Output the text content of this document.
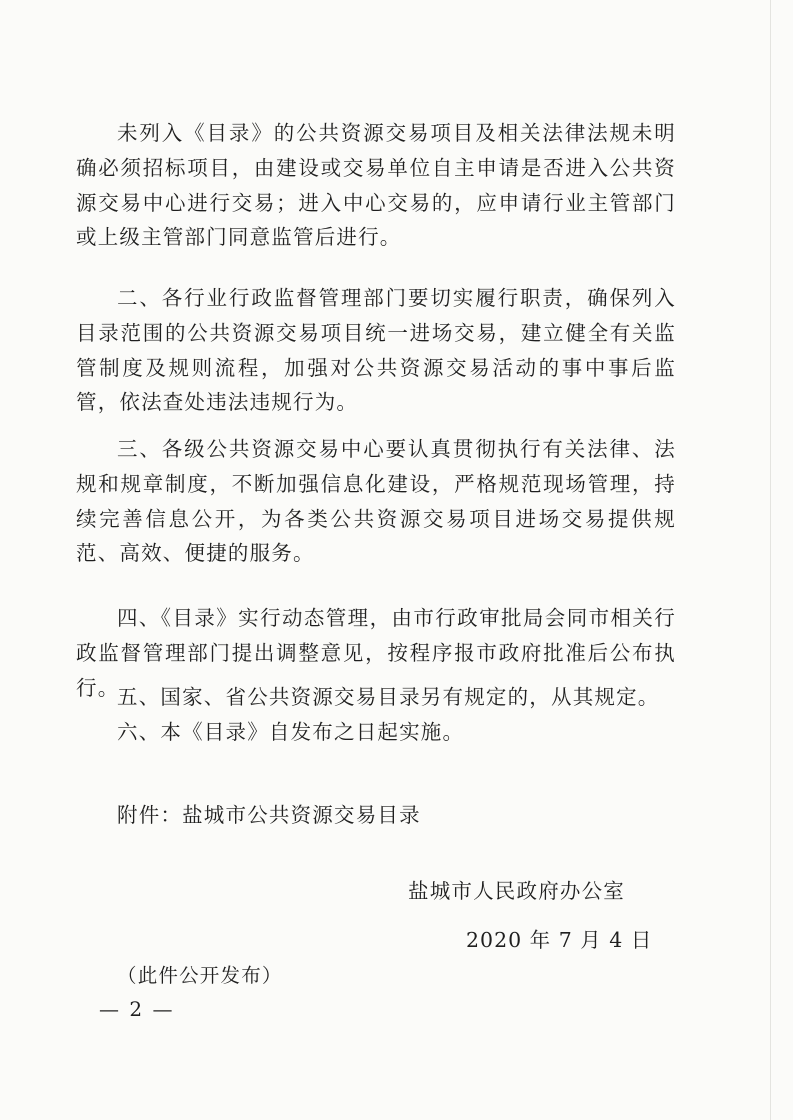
未列入《目录》的公共资源交易项目及相关法律法规未明确必须招标项目，由建设或交易单位自主申请是否进入公共资源交易中心进行交易；进入中心交易的，应申请行业主管部门或上级主管部门同意监管后进行。

二、各行业行政监督管理部门要切实履行职责，确保列入目录范围的公共资源交易项目统一进场交易，建立健全有关监管制度及规则流程，加强对公共资源交易活动的事中事后监管，依法查处违法违规行为。

三、各级公共资源交易中心要认真贯彻执行有关法律、法规和规章制度，不断加强信息化建设，严格规范现场管理，持续完善信息公开，为各类公共资源交易项目进场交易提供规范、高效、便捷的服务。

四、《目录》实行动态管理，由市行政审批局会同市相关行政监督管理部门提出调整意见，按程序报市政府批准后公布执行。

五、国家、省公共资源交易目录另有规定的，从其规定。

六、本《目录》自发布之日起实施。

附件：盐城市公共资源交易目录

盐城市人民政府办公室

2020 年 7 月 4 日

（此件公开发布）

— 2 —
